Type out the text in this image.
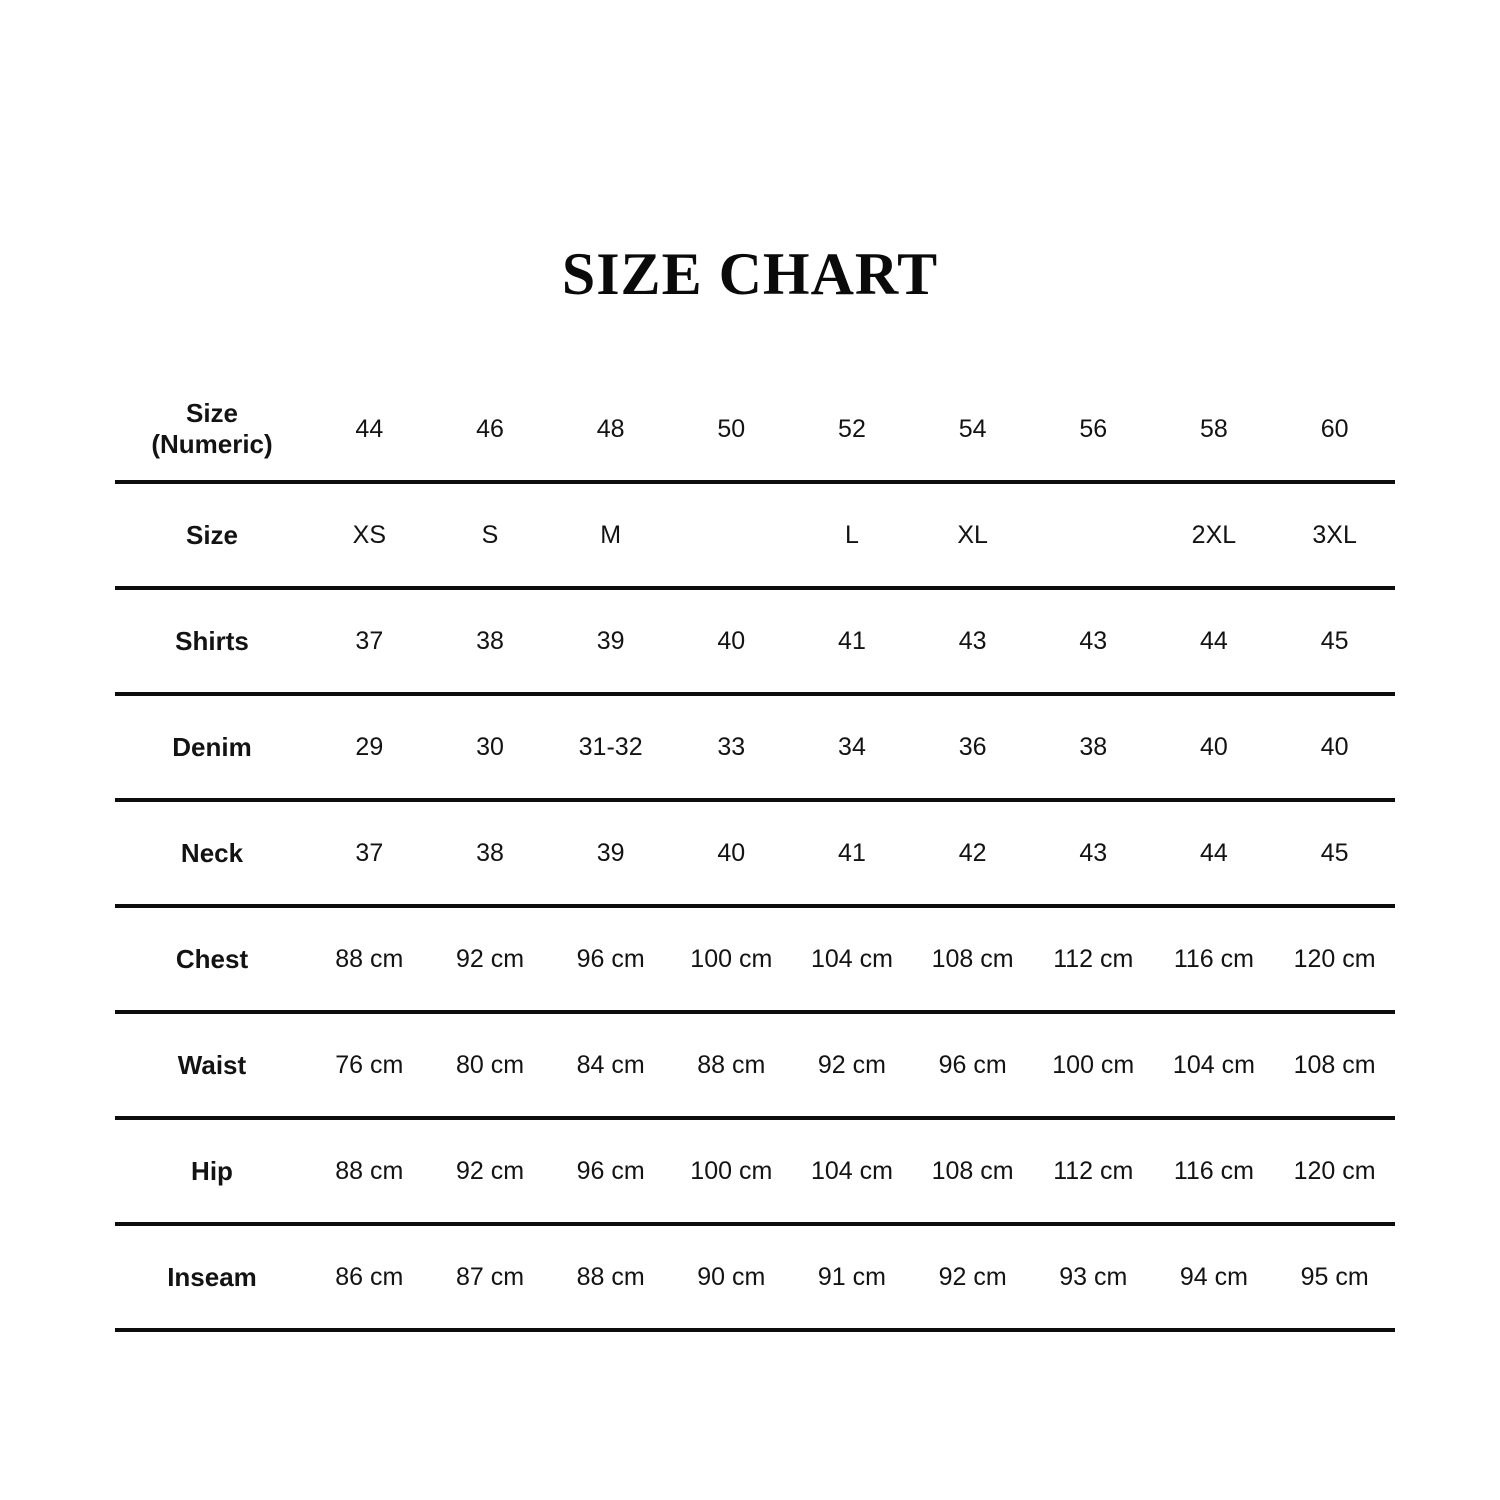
SIZE CHART
Size
(Numeric)	44	46	48	50	52	54	56	58	60
Size	XS	S	M		L	XL		2XL	3XL
Shirts	37	38	39	40	41	43	43	44	45
Denim	29	30	31-32	33	34	36	38	40	40
Neck	37	38	39	40	41	42	43	44	45
Chest	88 cm	92 cm	96 cm	100 cm	104 cm	108 cm	112 cm	116 cm	120 cm
Waist	76 cm	80 cm	84 cm	88 cm	92 cm	96 cm	100 cm	104 cm	108 cm
Hip	88 cm	92 cm	96 cm	100 cm	104 cm	108 cm	112 cm	116 cm	120 cm
Inseam	86 cm	87 cm	88 cm	90 cm	91 cm	92 cm	93 cm	94 cm	95 cm
